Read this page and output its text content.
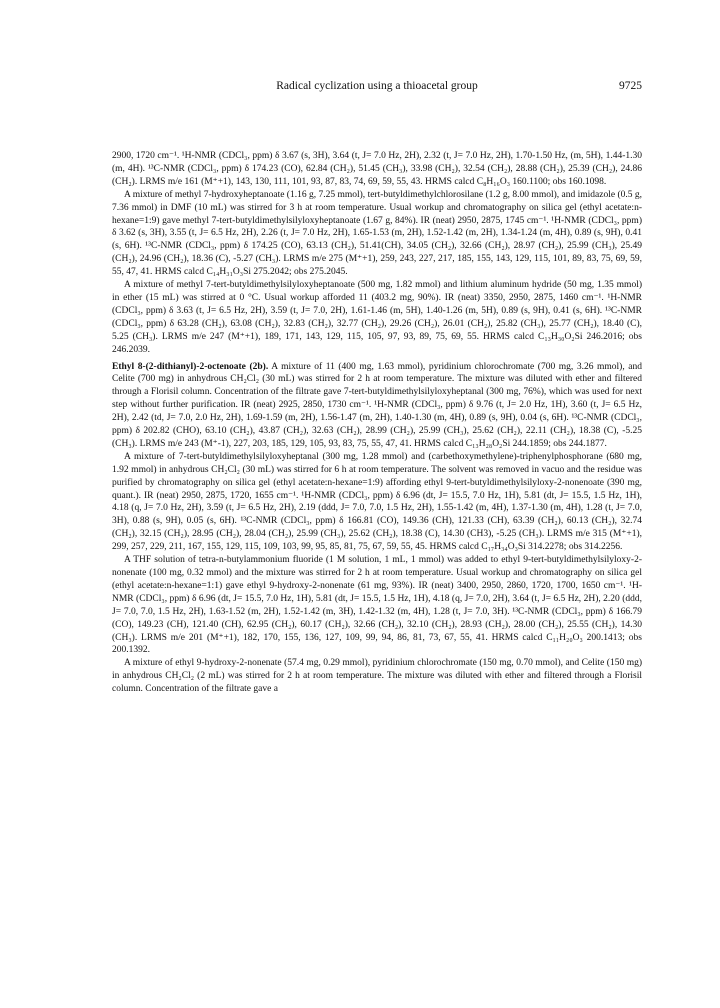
Radical cyclization using a thioacetal group	9725

2900, 1720 cm⁻¹. ¹H-NMR (CDCl₃, ppm) δ 3.67 (s, 3H), 3.64 (t, J= 7.0 Hz, 2H), 2.32 (t, J= 7.0 Hz, 2H), 1.70-1.50 Hz, (m, 5H), 1.44-1.30 (m, 4H). ¹³C-NMR (CDCl₃, ppm) δ 174.23 (CO), 62.84 (CH₂), 51.45 (CH₃), 33.98 (CH₂), 32.54 (CH₂), 28.88 (CH₂), 25.39 (CH₂), 24.86 (CH₂). LRMS m/e 161 (M⁺+1), 143, 130, 111, 101, 93, 87, 83, 74, 69, 59, 55, 43. HRMS calcd C₈H₁₆O₃ 160.1100; obs 160.1098.

A mixture of methyl 7-hydroxyheptanoate (1.16 g, 7.25 mmol), tert-butyldimethylchlorosilane (1.2 g, 8.00 mmol), and imidazole (0.5 g, 7.36 mmol) in DMF (10 mL) was stirred for 3 h at room temperature. Usual workup and chromatography on silica gel (ethyl acetate:n-hexane=1:9) gave methyl 7-tert-butyldimethylsilyloxyheptanoate (1.67 g, 84%). IR (neat) 2950, 2875, 1745 cm⁻¹. ¹H-NMR (CDCl₃, ppm) δ 3.62 (s, 3H), 3.55 (t, J= 6.5 Hz, 2H), 2.26 (t, J= 7.0 Hz, 2H), 1.65-1.53 (m, 2H), 1.52-1.42 (m, 2H), 1.34-1.24 (m, 4H), 0.89 (s, 9H), 0.41 (s, 6H). ¹³C-NMR (CDCl₃, ppm) δ 174.25 (CO), 63.13 (CH₂), 51.41(CH), 34.05 (CH₂), 32.66 (CH₂), 28.97 (CH₂), 25.99 (CH₃), 25.49 (CH₂), 24.96 (CH₂), 18.36 (C), -5.27 (CH₃). LRMS m/e 275 (M⁺+1), 259, 243, 227, 217, 185, 155, 143, 129, 115, 101, 89, 83, 75, 69, 59, 55, 47, 41. HRMS calcd C₁₄H₃₁O₃Si 275.2042; obs 275.2045.

A mixture of methyl 7-tert-butyldimethylsilyloxyheptanoate (500 mg, 1.82 mmol) and lithium aluminum hydride (50 mg, 1.35 mmol) in ether (15 mL) was stirred at 0 °C. Usual workup afforded 11 (403.2 mg, 90%). IR (neat) 3350, 2950, 2875, 1460 cm⁻¹. ¹H-NMR (CDCl₃, ppm) δ 3.63 (t, J= 6.5 Hz, 2H), 3.59 (t, J= 7.0, 2H), 1.61-1.46 (m, 5H), 1.40-1.26 (m, 5H), 0.89 (s, 9H), 0.41 (s, 6H). ¹³C-NMR (CDCl₃, ppm) δ 63.28 (CH₂), 63.08 (CH₂), 32.83 (CH₂), 32.77 (CH₂), 29.26 (CH₂), 26.01 (CH₂), 25.82 (CH₃), 25.77 (CH₂), 18.40 (C), 5.25 (CH₃). LRMS m/e 247 (M⁺+1), 189, 171, 143, 129, 115, 105, 97, 93, 89, 75, 69, 55. HRMS calcd C₁₃H₃₀O₂Si 246.2016; obs 246.2039.

Ethyl 8-(2-dithianyl)-2-octenoate (2b). A mixture of 11 (400 mg, 1.63 mmol), pyridinium chlorochromate (700 mg, 3.26 mmol), and Celite (700 mg) in anhydrous CH₂Cl₂ (30 mL) was stirred for 2 h at room temperature. The mixture was diluted with ether and filtered through a Florisil column. Concentration of the filtrate gave 7-tert-butyldimethylsilyloxyheptanal (300 mg, 76%), which was used for next step without further purification. IR (neat) 2925, 2850, 1730 cm⁻¹. ¹H-NMR (CDCl₃, ppm) δ 9.76 (t, J= 2.0 Hz, 1H), 3.60 (t, J= 6.5 Hz, 2H), 2.42 (td, J= 7.0, 2.0 Hz, 2H), 1.69-1.59 (m, 2H), 1.56-1.47 (m, 2H), 1.40-1.30 (m, 4H), 0.89 (s, 9H), 0.04 (s, 6H). ¹³C-NMR (CDCl₃, ppm) δ 202.82 (CHO), 63.10 (CH₂), 43.87 (CH₂), 32.63 (CH₂), 28.99 (CH₂), 25.99 (CH₃), 25.62 (CH₂), 22.11 (CH₂), 18.38 (C), -5.25 (CH₃). LRMS m/e 243 (M⁺-1), 227, 203, 185, 129, 105, 93, 83, 75, 55, 47, 41. HRMS calcd C₁₃H₂₈O₂Si 244.1859; obs 244.1877.

A mixture of 7-tert-butyldimethylsilyloxyheptanal (300 mg, 1.28 mmol) and (carbethoxymethylene)-triphenylphosphorane (680 mg, 1.92 mmol) in anhydrous CH₂Cl₂ (30 mL) was stirred for 6 h at room temperature. The solvent was removed in vacuo and the residue was purified by chromatography on silica gel (ethyl acetate:n-hexane=1:9) affording ethyl 9-tert-butyldimethylsilyloxy-2-nonenoate (390 mg, quant.). IR (neat) 2950, 2875, 1720, 1655 cm⁻¹. ¹H-NMR (CDCl₃, ppm) δ 6.96 (dt, J= 15.5, 7.0 Hz, 1H), 5.81 (dt, J= 15.5, 1.5 Hz, 1H), 4.18 (q, J= 7.0 Hz, 2H), 3.59 (t, J= 6.5 Hz, 2H), 2.19 (ddd, J= 7.0, 7.0, 1.5 Hz, 2H), 1.55-1.42 (m, 4H), 1.37-1.30 (m, 4H), 1.28 (t, J= 7.0, 3H), 0.88 (s, 9H), 0.05 (s, 6H). ¹³C-NMR (CDCl₃, ppm) δ 166.81 (CO), 149.36 (CH), 121.33 (CH), 63.39 (CH₂), 60.13 (CH₂), 32.74 (CH₂), 32.15 (CH₂), 28.95 (CH₂), 28.04 (CH₂), 25.99 (CH₃), 25.62 (CH₂), 18.38 (C), 14.30 (CH3), -5.25 (CH₃). LRMS m/e 315 (M⁺+1), 299, 257, 229, 211, 167, 155, 129, 115, 109, 103, 99, 95, 85, 81, 75, 67, 59, 55, 45. HRMS calcd C₁₇H₃₄O₃Si 314.2278; obs 314.2256.

A THF solution of tetra-n-butylammonium fluoride (1 M solution, 1 mL, 1 mmol) was added to ethyl 9-tert-butyldimethylsilyloxy-2-nonenate (100 mg, 0.32 mmol) and the mixture was stirred for 2 h at room temperature. Usual workup and chromatography on silica gel (ethyl acetate:n-hexane=1:1) gave ethyl 9-hydroxy-2-nonenate (61 mg, 93%). IR (neat) 3400, 2950, 2860, 1720, 1700, 1650 cm⁻¹. ¹H-NMR (CDCl₃, ppm) δ 6.96 (dt, J= 15.5, 7.0 Hz, 1H), 5.81 (dt, J= 15.5, 1.5 Hz, 1H), 4.18 (q, J= 7.0, 2H), 3.64 (t, J= 6.5 Hz, 2H), 2.20 (ddd, J= 7.0, 7.0, 1.5 Hz, 2H), 1.63-1.52 (m, 2H), 1.52-1.42 (m, 3H), 1.42-1.32 (m, 4H), 1.28 (t, J= 7.0, 3H). ¹³C-NMR (CDCl₃, ppm) δ 166.79 (CO), 149.23 (CH), 121.40 (CH), 62.95 (CH₂), 60.17 (CH₂), 32.66 (CH₂), 32.10 (CH₂), 28.93 (CH₂), 28.00 (CH₂), 25.55 (CH₂), 14.30 (CH₃). LRMS m/e 201 (M⁺+1), 182, 170, 155, 136, 127, 109, 99, 94, 86, 81, 73, 67, 55, 41. HRMS calcd C₁₁H₂₀O₃ 200.1413; obs 200.1392.

A mixture of ethyl 9-hydroxy-2-nonenate (57.4 mg, 0.29 mmol), pyridinium chlorochromate (150 mg, 0.70 mmol), and Celite (150 mg) in anhydrous CH₂Cl₂ (2 mL) was stirred for 2 h at room temperature. The mixture was diluted with ether and filtered through a Florisil column. Concentration of the filtrate gave a
